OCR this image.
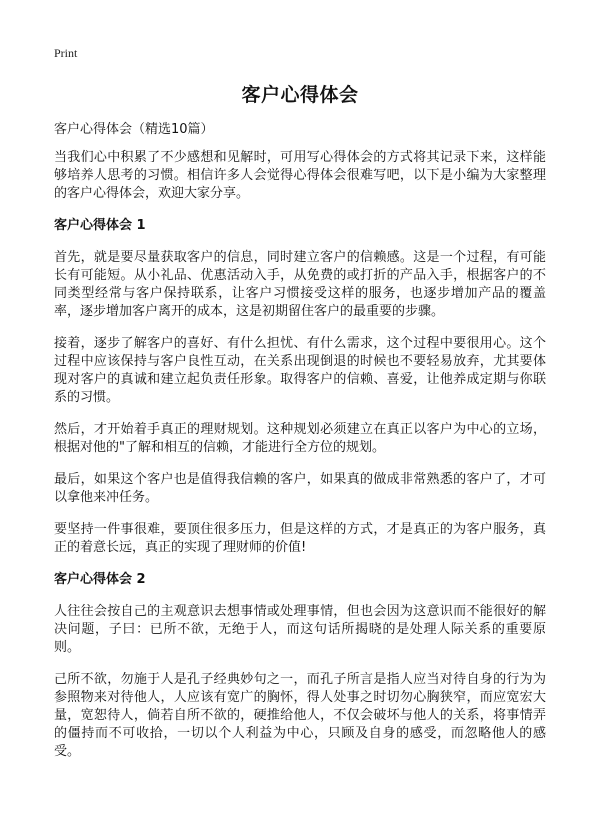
Print
客户心得体会

客户心得体会（精选10篇）

当我们心中积累了不少感想和见解时，可用写心得体会的方式将其记录下来，这样能够培养人思考的习惯。相信许多人会觉得心得体会很难写吧，以下是小编为大家整理的客户心得体会，欢迎大家分享。

客户心得体会 1

首先，就是要尽量获取客户的信息，同时建立客户的信赖感。这是一个过程，有可能长有可能短。从小礼品、优惠活动入手，从免费的或打折的产品入手，根据客户的不同类型经常与客户保持联系，让客户习惯接受这样的服务，也逐步增加产品的覆盖率，逐步增加客户离开的成本，这是初期留住客户的最重要的步骤。

接着，逐步了解客户的喜好、有什么担忧、有什么需求，这个过程中要很用心。这个过程中应该保持与客户良性互动，在关系出现倒退的时候也不要轻易放弃，尤其要体现对客户的真诚和建立起负责任形象。取得客户的信赖、喜爱，让他养成定期与你联系的习惯。

然后，才开始着手真正的理财规划。这种规划必须建立在真正以客户为中心的立场，根据对他的"了解和相互的信赖，才能进行全方位的规划。

最后，如果这个客户也是值得我信赖的客户，如果真的做成非常熟悉的客户了，才可以拿他来冲任务。

要坚持一件事很难，要顶住很多压力，但是这样的方式，才是真正的为客户服务，真正的着意长远，真正的实现了理财师的价值!

客户心得体会 2

人往往会按自己的主观意识去想事情或处理事情，但也会因为这意识而不能很好的解决问题，子曰：已所不欲，无绝于人，而这句话所揭晓的是处理人际关系的重要原则。

己所不欲，勿施于人是孔子经典妙句之一，而孔子所言是指人应当对待自身的行为为参照物来对待他人，人应该有宽广的胸怀，得人处事之时切勿心胸狭窄，而应宽宏大量，宽恕待人，倘若自所不欲的，硬推给他人，不仅会破坏与他人的关系，将事情弄的僵持而不可收拾，一切以个人利益为中心，只顾及自身的感受，而忽略他人的感受。
